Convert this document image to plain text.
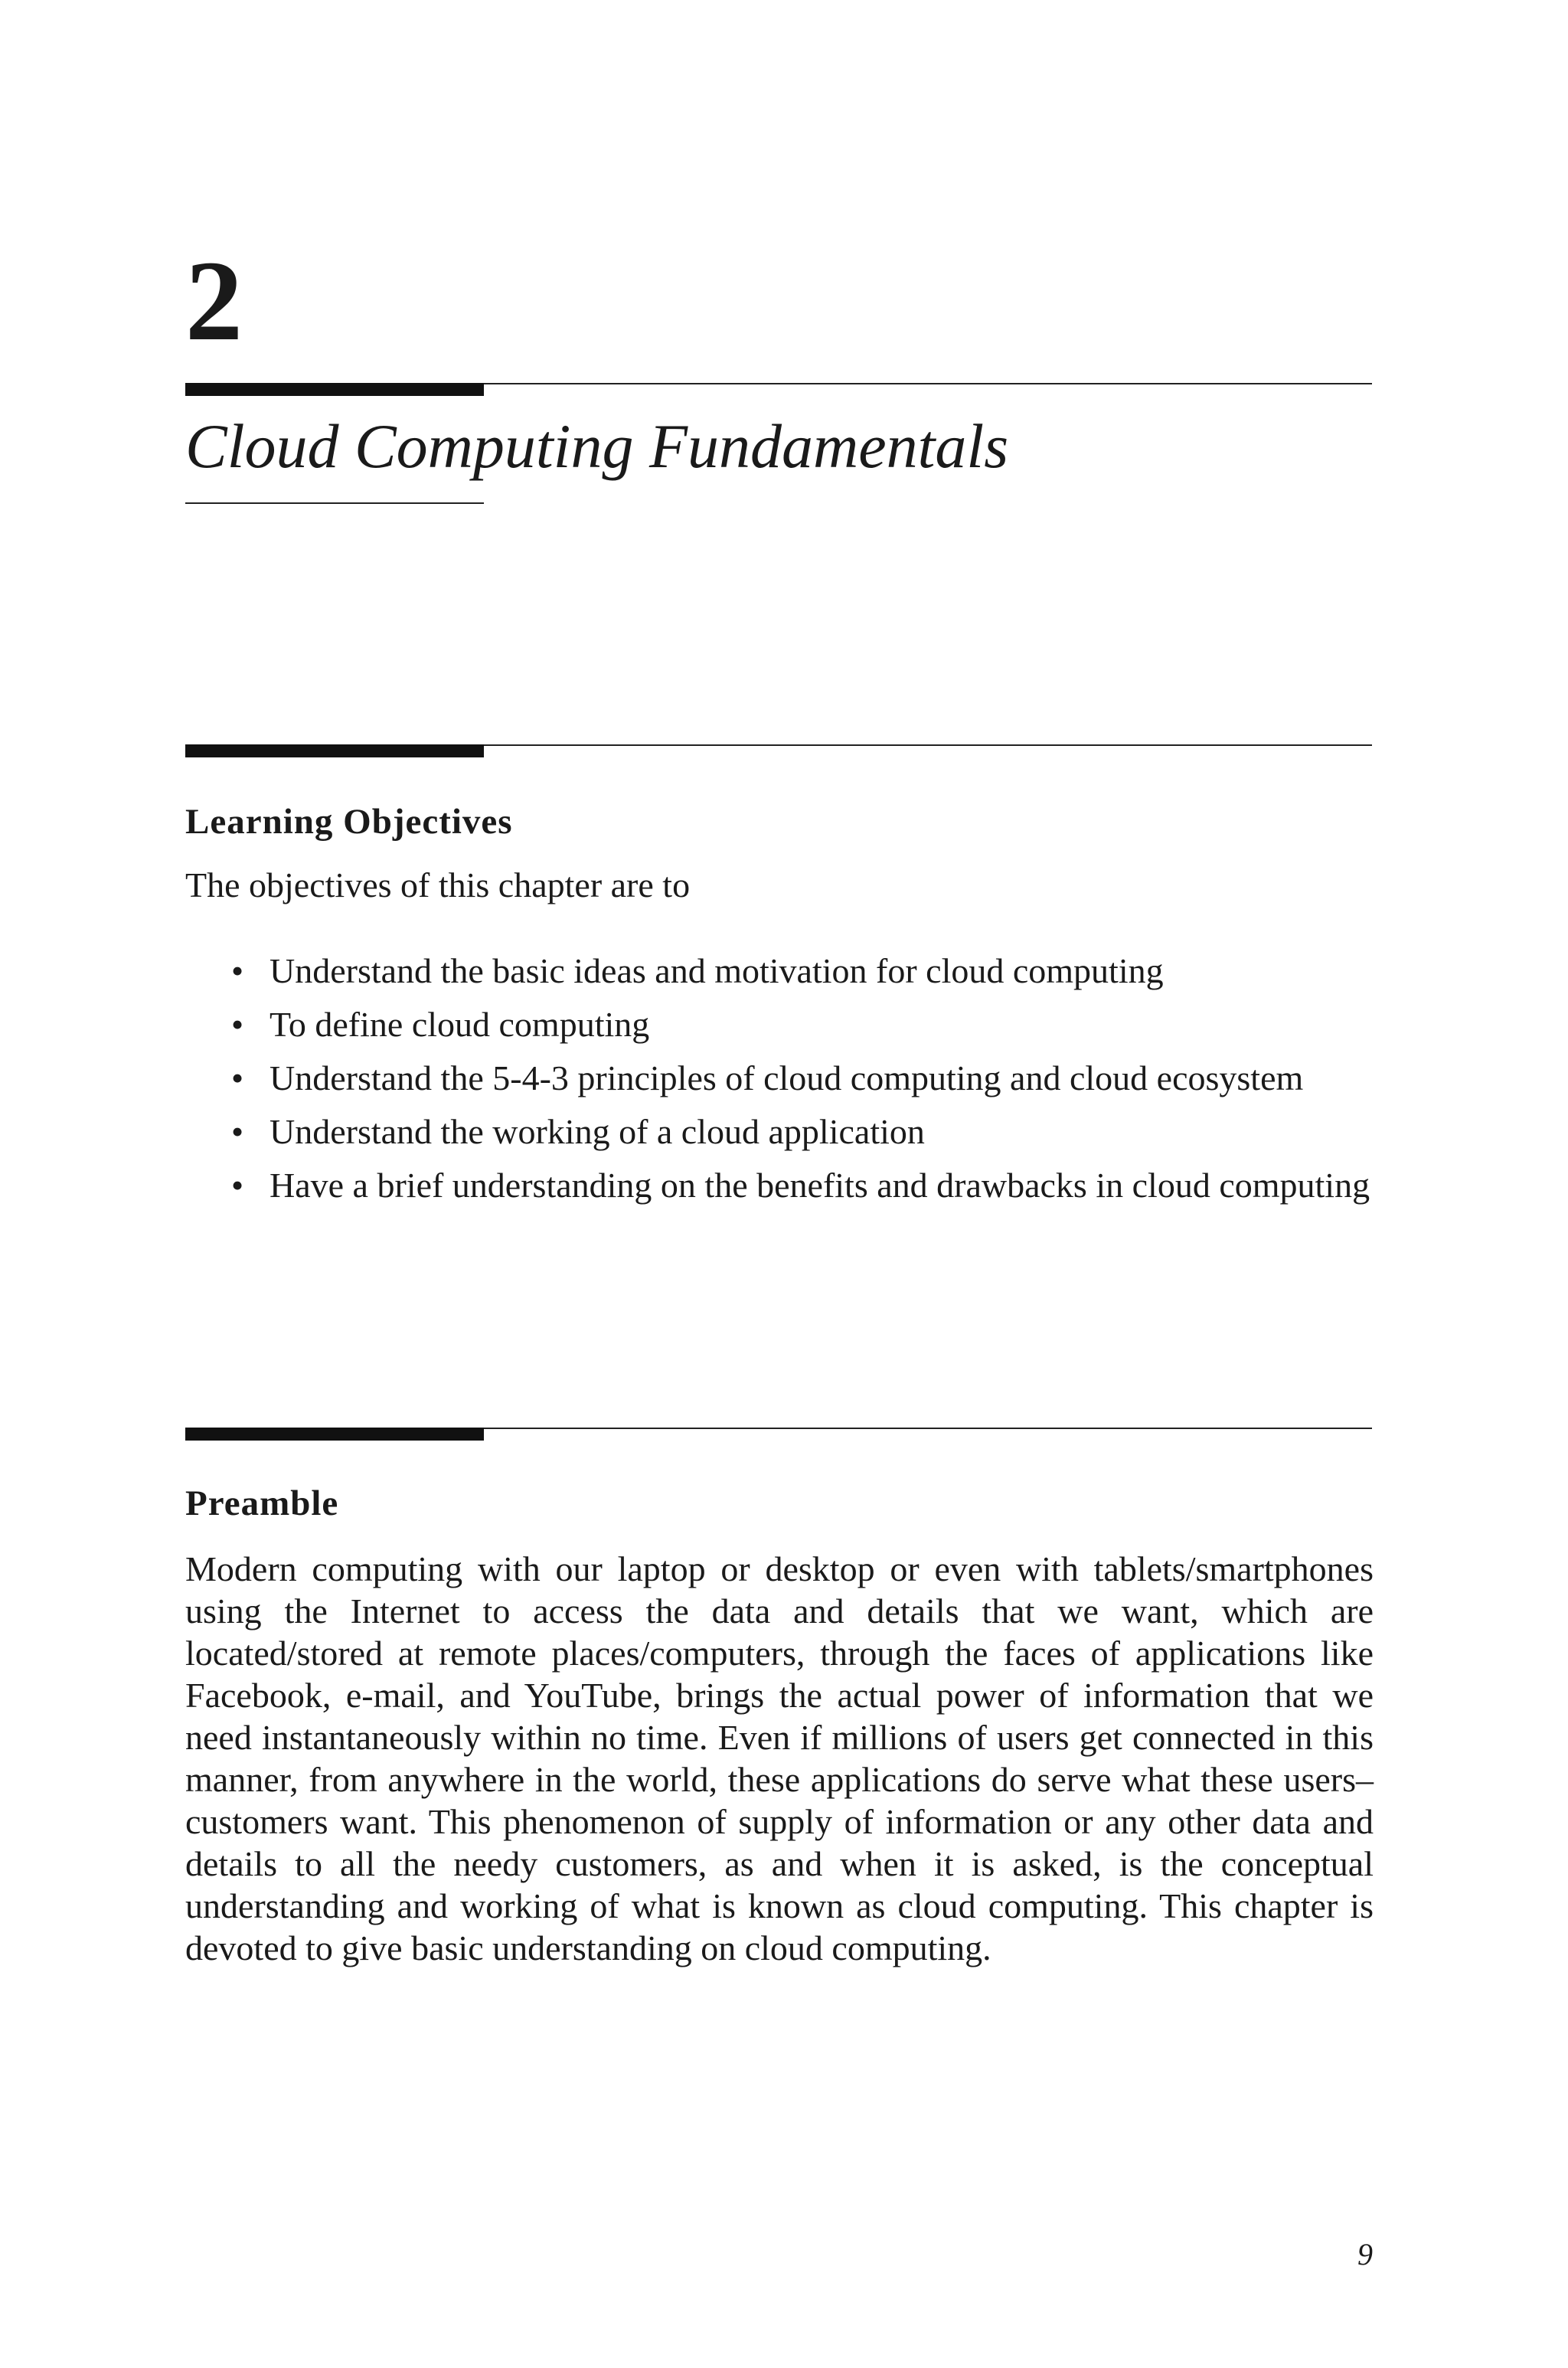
2
Cloud Computing Fundamentals
Learning Objectives
The objectives of this chapter are to
• Understand the basic ideas and motivation for cloud computing
• To define cloud computing
• Understand the 5-4-3 principles of cloud computing and cloud ecosystem
• Understand the working of a cloud application
• Have a brief understanding on the benefits and drawbacks in cloud computing
Preamble

Modern computing with our laptop or desktop or even with tablets/smartphones using the Internet to access the data and details that we want, which are located/stored at remote places/computers, through the faces of applications like Facebook, e-mail, and YouTube, brings the actual power of information that we need instantaneously within no time. Even if millions of users get connected in this manner, from anywhere in the world, these applications do serve what these users–customers want. This phenomenon of supply of information or any other data and details to all the needy customers, as and when it is asked, is the conceptual understanding and working of what is known as cloud computing. This chapter is devoted to give basic understanding on cloud computing.

9
